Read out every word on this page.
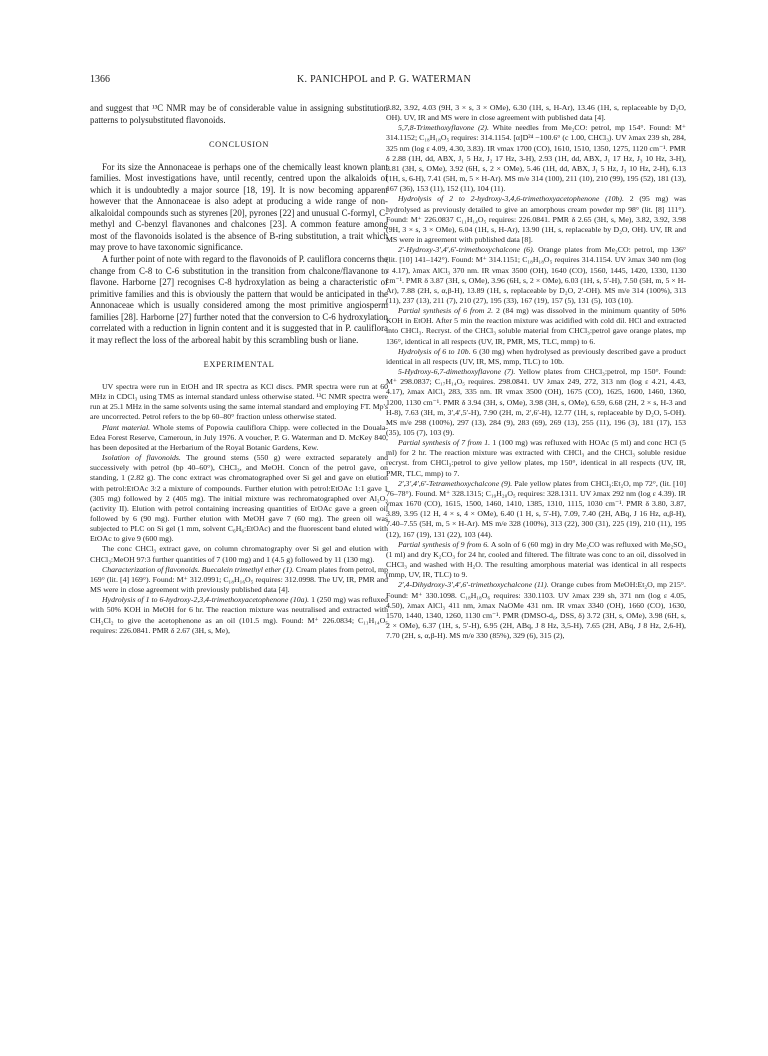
1366	K. PANICHPOL and P. G. WATERMAN

and suggest that ¹³C NMR may be of considerable value in assigning substitution patterns to polysubstituted flavonoids.

CONCLUSION

For its size the Annonaceae is perhaps one of the chemically least known plant families. Most investigations have, until recently, centred upon the alkaloids of which it is undoubtedly a major source [18, 19]. It is now becoming apparent however that the Annonaceae is also adept at producing a wide range of non-alkaloidal compounds such as styrenes [20], pyrones [22] and unusual C-formyl, C-methyl and C-benzyl flavanones and chalcones [23]. A common feature among most of the flavonoids isolated is the absence of B-ring substitution, a trait which may prove to have taxonomic significance.

A further point of note with regard to the flavonoids of P. cauliflora concerns the change from C-8 to C-6 substitution in the transition from chalcone/flavanone to flavone. Harborne [27] recognises C-8 hydroxylation as being a characteristic of primitive families and this is obviously the pattern that would be anticipated in the Annonaceae which is usually considered among the most primitive angiosperm families [28]. Harborne [27] further noted that the conversion to C-6 hydroxylation correlated with a reduction in lignin content and it is suggested that in P. cauliflora it may reflect the loss of the arboreal habit by this scrambling bush or liane.

EXPERIMENTAL

UV spectra were run in EtOH and IR spectra as KCl discs. PMR spectra were run at 60 MHz in CDCl₃ using TMS as internal standard unless otherwise stated. ¹³C NMR spectra were run at 25.1 MHz in the same solvents using the same internal standard and employing FT. Mp's are uncorrected. Petrol refers to the bp 60–80° fraction unless otherwise stated.

Plant material. Whole stems of Popowia cauliflora Chipp. were collected in the Douala-Edea Forest Reserve, Cameroun, in July 1976. A voucher, P. G. Waterman and D. McKey 840, has been deposited at the Herbarium of the Royal Botanic Gardens, Kew.

Isolation of flavonoids. The ground stems (550 g) were extracted separately and successively with petrol (bp 40–60°), CHCl₃, and MeOH. Concn of the petrol gave, on standing, 1 (2.82 g). The conc extract was chromatographed over Si gel and gave on elution with petrol:EtOAc 3:2 a mixture of compounds. Further elution with petrol:EtOAc 1:1 gave 1 (305 mg) followed by 2 (405 mg). The initial mixture was rechromatographed over Al₂O₃ (activity II). Elution with petrol containing increasing quantities of EtOAc gave a green oil followed by 6 (90 mg). Further elution with MeOH gave 7 (60 mg). The green oil was subjected to PLC on Si gel (1 mm, solvent C₆H₆:EtOAc) and the fluorescent band eluted with EtOAc to give 9 (600 mg).

The conc CHCl₃ extract gave, on column chromatography over Si gel and elution with CHCl₃:MeOH 97:3 further quantities of 7 (100 mg) and 1 (4.5 g) followed by 11 (130 mg).

Characterization of flavonoids. Buecalein trimethyl ether (1). Cream plates from petrol, mp 169° (lit. [4] 169°). Found: M⁺ 312.0991; C₁₈H₁₆O₅ requires: 312.0998. The UV, IR, PMR and MS were in close agreement with previously published data [4].

Hydrolysis of 1 to 6-hydroxy-2,3,4-trimethoxyacetophenone (10a). 1 (250 mg) was refluxed with 50% KOH in MeOH for 6 hr. The reaction mixture was neutralised and extracted with CH₂Cl₂ to give the acetophenone as an oil (101.5 mg). Found: M⁺ 226.0834; C₁₁H₁₄O₅ requires: 226.0841. PMR δ 2.67 (3H, s, Me),

3.82, 3.92, 4.03 (9H, 3 × s, 3 × OMe), 6.30 (1H, s, H-Ar), 13.46 (1H, s, replaceable by D₂O, OH). UV, IR and MS were in close agreement with published data [4].

5,7,8-Trimethoxyflavone (2). White needles from Me₂CO: petrol, mp 154°. Found: M⁺ 314.1152; C₁₈H₁₈O₅ requires: 314.1154. [α]D²⁴ −100.6° (c 1.00, CHCl₃). UV λmax 239 sh, 284, 325 nm (log ε 4.09, 4.30, 3.83). IR νmax 1700 (CO), 1610, 1510, 1350, 1275, 1120 cm⁻¹. PMR δ 2.88 (1H, dd, ABX, J₁ 5 Hz, J₂ 17 Hz, 3-H), 2.93 (1H, dd, ABX, J₁ 17 Hz, J₃ 10 Hz, 3-H), 3.81 (3H, s, OMe), 3.92 (6H, s, 2 × OMe), 5.46 (1H, dd, ABX, J₁ 5 Hz, J₃ 10 Hz, 2-H), 6.13 (1H, s, 6-H), 7.41 (5H, m, 5 × H-Ar). MS m/e 314 (100), 211 (10), 210 (99), 195 (52), 181 (13), 167 (36), 153 (11), 152 (11), 104 (11).

Hydrolysis of 2 to 2-hydroxy-3,4,6-trimethoxyacetophenone (10b). 2 (95 mg) was hydrolysed as previously detailed to give an amorphous cream powder mp 98° (lit. [8] 111°). Found: M⁺ 226.0837 C₁₁H₁₄O₅ requires: 226.0841. PMR δ 2.65 (3H, s, Me), 3.82, 3.92, 3.98 (9H, 3 × s, 3 × OMe), 6.04 (1H, s, H-Ar), 13.90 (1H, s, replaceable by D₂O, OH). UV, IR and MS were in agreement with published data [8].

2′-Hydroxy-3′,4′,6′-trimethoxychalcone (6). Orange plates from Me₂CO: petrol, mp 136° (lit. [10] 141–142°). Found: M⁺ 314.1151; C₁₈H₁₈O₅ requires 314.1154. UV λmax 340 nm (log ε 4.17), λmax AlCl₃ 370 nm. IR νmax 3500 (OH), 1640 (CO), 1560, 1445, 1420, 1330, 1130 cm⁻¹. PMR δ 3.87 (3H, s, OMe), 3.96 (6H, s, 2 × OMe), 6.03 (1H, s, 5′-H), 7.50 (5H, m, 5 × H-Ar), 7.88 (2H, s, α,β-H), 13.89 (1H, s, replaceable by D₂O, 2′-OH). MS m/e 314 (100%), 313 (11), 237 (13), 211 (7), 210 (27), 195 (33), 167 (19), 157 (5), 131 (5), 103 (10).

Partial synthesis of 6 from 2. 2 (84 mg) was dissolved in the minimum quantity of 50% KOH in EtOH. After 5 min the reaction mixture was acidified with cold dil. HCl and extracted into CHCl₃. Recryst. of the CHCl₃ soluble material from CHCl₃:petrol gave orange plates, mp 136°, identical in all respects (UV, IR, PMR, MS, TLC, mmp) to 6.

Hydrolysis of 6 to 10b. 6 (30 mg) when hydrolysed as previously described gave a product identical in all respects (UV, IR, MS, mmp, TLC) to 10b.

5-Hydroxy-6,7-dimethoxyflavone (7). Yellow plates from CHCl₃:petrol, mp 150°. Found: M⁺ 298.0837; C₁₇H₁₄O₅ requires. 298.0841. UV λmax 249, 272, 313 nm (log ε 4.21, 4.43, 4.17), λmax AlCl₃ 283, 335 nm. IR νmax 3500 (OH), 1675 (CO), 1625, 1600, 1460, 1360, 1200, 1130 cm⁻¹. PMR δ 3.94 (3H, s, OMe), 3.98 (3H, s, OMe), 6.59, 6.68 (2H, 2 × s, H-3 and H-8), 7.63 (3H, m, 3′,4′,5′-H), 7.90 (2H, m, 2′,6′-H), 12.77 (1H, s, replaceable by D₂O, 5-OH). MS m/e 298 (100%), 297 (13), 284 (9), 283 (69), 269 (13), 255 (11), 196 (3), 181 (17), 153 (35), 105 (7), 103 (9).

Partial synthesis of 7 from 1. 1 (100 mg) was refluxed with HOAc (5 ml) and conc HCl (5 ml) for 2 hr. The reaction mixture was extracted with CHCl₃ and the CHCl₃ soluble residue recryst. from CHCl₃:petrol to give yellow plates, mp 150°, identical in all respects (UV, IR, PMR, TLC, mmp) to 7.

2′,3′,4′,6′-Tetramethoxychalcone (9). Pale yellow plates from CHCl₃:Et₂O, mp 72°, (lit. [10] 76–78°). Found. M⁺ 328.1315; C₁₉H₂₀O₅ requires: 328.1311. UV λmax 292 nm (log ε 4.39). IR νmax 1670 (CO), 1615, 1500, 1460, 1410, 1385, 1310, 1115, 1030 cm⁻¹. PMR δ 3.80, 3.87, 3.89, 3.95 (12 H, 4 × s, 4 × OMe), 6.40 (1 H, s, 5′-H), 7.09, 7.40 (2H, ABq, J 16 Hz, α,β-H), 7.40–7.55 (5H, m, 5 × H-Ar). MS m/e 328 (100%), 313 (22), 300 (31), 225 (19), 210 (11), 195 (12), 167 (19), 131 (22), 103 (44).

Partial synthesis of 9 from 6. A soln of 6 (60 mg) in dry Me₂CO was refluxed with Me₂SO₄ (1 ml) and dry K₂CO₃ for 24 hr, cooled and filtered. The filtrate was conc to an oil, dissolved in CHCl₃ and washed with H₂O. The resulting amorphous material was identical in all respects (mmp, UV, IR, TLC) to 9.

2′,4-Dihydroxy-3′,4′,6′-trimethoxychalcone (11). Orange cubes from MeOH:Et₂O, mp 215°. Found: M⁺ 330.1098. C₁₈H₁₈O₆ requires: 330.1103. UV λmax 239 sh, 371 nm (log ε 4.05, 4.50), λmax AlCl₃ 411 nm, λmax NaOMe 431 nm. IR νmax 3340 (OH), 1660 (CO), 1630, 1570, 1440, 1340, 1260, 1130 cm⁻¹. PMR (DMSO-d₆, DSS, δ) 3.72 (3H, s, OMe), 3.98 (6H, s, 2 × OMe), 6.37 (1H, s, 5′-H), 6.95 (2H, ABq, J 8 Hz, 3,5-H), 7.65 (2H, ABq, J 8 Hz, 2,6-H), 7.70 (2H, s, α,β-H). MS m/e 330 (85%), 329 (6), 315 (2),
